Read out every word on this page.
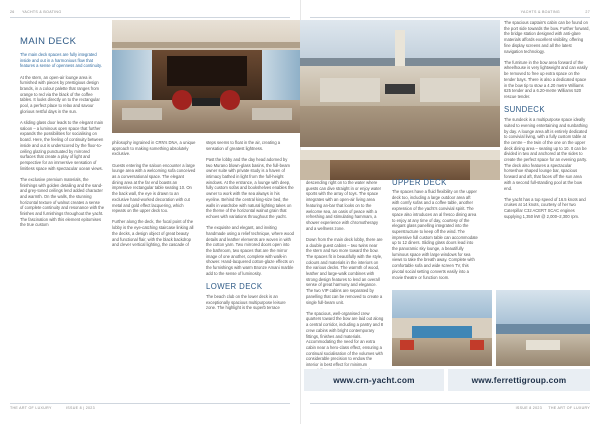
26 YACHTS & BOATING	YACHTS & BOATING	27
MAIN DECK

The main deck spaces are fully integrated inside and out in a harmonious flow that features a sense of openness and continuity.

At the stern, an open-air lounge area is furnished with pieces by prestigious design brands, in a colour palette that ranges from orange to red via the black of the coffee tables. It looks directly on to the rectangular pool, a perfect place to relax and savour glorious restful days in the sun.

A sliding glass door leads to the elegant main saloon – a luminous open space that further expands the possibilities for socialising on board. Here, the feeling of continuity between inside and out is underscored by the floor-to-ceiling glazing punctuated by mirrored surfaces that create a play of light and perspective for an immersive sensation of limitless space with spectacular ocean views.

The exclusive premium materials, the finishings with golden detailing and the sand- and grey-toned ceilings lend added character and warmth. On the walls, the stunning horizontal texture of walnut creates a sense of complete continuity and resonance with the finishes and furnishings throughout the yacht. The fascination with this element epitomises the true custom

philosophy ingrained in CRN's DNA, a unique approach to making something absolutely exclusive.

Guests entering the saloon encounter a large lounge area with a welcoming sofa conceived as a conversational space. The elegant dining area at the far end boasts an impressive rectangular table seating 10. On the back wall, the eye is drawn to an exclusive hand-worked decoration with cut metal and gold effect lacquering, which repeats on the upper deck too.

Further along the deck, the focal point of the lobby is the eye-catching staircase linking all the decks, a design object of great beauty and functional flair, with the black backdrop and clever vertical lighting, the cascade of

steps seems to float in the air, creating a sensation of greatest lightness.

Past the lobby and the day head adorned by two Murano blown-glass basins, the full-beam owner suite with private study is a haven of intimacy bathed in light from the full-height windows. At the entrance, a lounge with deep, fully custom sofas and bookshelves enables the owner to work with the sea always in his eyeline. Behind the central king-size bed, the walls in wardrobe with natural lighting takes on the theme of the horizontal walnut grain that echoes with variations throughout the yacht.

The exquisite and elegant, and inviting handmade using a relief technique, where wood details and leather elements are woven in with the cotton yarn. Two mirrored doors open into the bathroom, two spaces that are the mirror image of one another, complete with walk-in shower. Hand-lacquered cotton-glaze effects on the furnishings with warm Bronze Amani marble add to the sense of luminosity.

LOWER DECK

The beach club on the lower deck is an exceptionally spacious multipurpose leisure zone. The highlight is the superb terrace

THE ART OF LUXURY	ISSUE 8 | 2023

descending right on to the water where guests can dive straight in or enjoy water sports with the array of toys. The space integrates with an open-air living area featuring an-bar that looks on to the welcome sea, an oasis of peace with a refreshing and stimulating hammam, a shower experience with chromotherapy and a wellness zone.

Down from the main deck lobby, there are a double guest cabins – two twins near the stern and two more toward the bow. The spaces fit in beautifully with the style, colours and materials in the interiors on the various decks. The warmth of wood, leather and large-walk combines with strong design features to lend an overall sense of great harmony and elegance. The two VIP cabins are separated by panelling that can be removed to create a single full-beam unit.

The spacious, well-organised crew quarters toward the bow are laid out along a central corridor, including a pantry and 8 crew cabins with bright contemporary fittings, finishes and materials. Accommodating the need for an extra cabin near a hero-class effect, ensuring a continual socialisation of the volumes with considerable precision to endow the interior in best effect for minimum

UPPER DECK

The spaces have a fluid flexibility on the upper deck too, including a large outdoor area aft with comfy sofas and a coffee table, another expression of the yacht's convivial spirit. The space also introduces an al fresco dining area to enjoy at any time of day, courtesy of the elegant glass panelling integrated into the superstructure to keep off the wind. The impressive full custom table can accommodate up to 12 diners. Sliding glass doors lead into the panoramic sky lounge, a beautifully luminous space with large windows for sea views to take the breath away. Complete with comfortable sofa and wide screen TV, this pivotal social setting converts easily into a movie theatre or function room.

The spacious captain's cabin can be found on the port side towards the bow. Further forward, the bridge station designed with anti-glare materials affords excellent visibility, offering fine display screens and all the latest navigation technology.

The furniture in the bow area forward of the wheelhouse is very lightweight and can easily be removed to free up extra space on the tender bays. There is also a dedicated space in the bow tip to stow a 4.20 metre Williams 625 tender and a 6.20-metre Williams 520 rescue tender.

SUNDECK

The sundeck is a multipurpose space ideally suited to evening entertaining and sunbathing by day. A lounge area aft is entirely dedicated to convivial living, with a fully custom table at the centre – the twin of the one on the upper deck dining area – seating up to 10. It can be divided in two and anchored at the sides to create the perfect space for an evening party. The deck also features a spectacular horseshoe shaped lounge bar, spacious forward and aft, that faces off the sun area with a second full-standing pool at the bow end.

The yacht has a top speed of 16.5 knots and cruises at 14 knots, courtesy of her two Caterpillar C32 ACERT SCAC engines supplying 1,350 kW @ 2,000–2,300 rpm.

www.crn-yacht.com	www.ferrettigroup.com
ISSUE 8 2023 THE ART OF LUXURY
